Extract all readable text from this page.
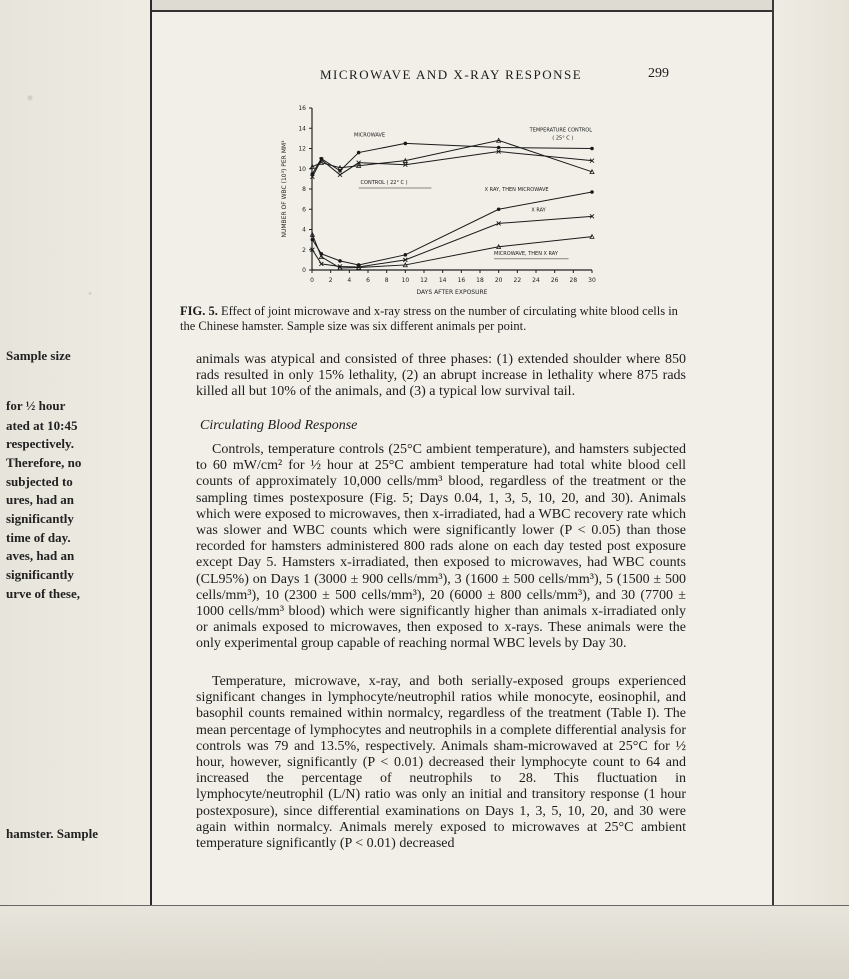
Sample size
for ½ hour
ated at 10:45
respectively.
Therefore, no
subjected to
ures, had an
significantly
time of day.
aves, had an
significantly
urve of these,
hamster. Sample
MICROWAVE AND X-RAY RESPONSE	299
0 2 4 6 8 10 12 14 16 18 20 22 24 26 28 30
0
2
4
6
8
10
12
14
16
DAYS AFTER EXPOSURE
NUMBER OF WBC (10³) PER MM³
MICROWAVE
TEMPERATURE CONTROL
( 25° C )
CONTROL ( 22° C )
X RAY, THEN MICROWAVE
X RAY
MICROWAVE, THEN X RAY
FIG. 5. Effect of joint microwave and x-ray stress on the number of circulating white blood cells in the Chinese hamster. Sample size was six different animals per point.
animals was atypical and consisted of three phases: (1) extended shoulder where 850 rads resulted in only 15% lethality, (2) an abrupt increase in lethality where 875 rads killed all but 10% of the animals, and (3) a typical low survival tail.
Circulating Blood Response
Controls, temperature controls (25°C ambient temperature), and hamsters subjected to 60 mW/cm² for ½ hour at 25°C ambient temperature had total white blood cell counts of approximately 10,000 cells/mm³ blood, regardless of the treatment or the sampling times postexposure (Fig. 5; Days 0.04, 1, 3, 5, 10, 20, and 30). Animals which were exposed to microwaves, then x-irradiated, had a WBC recovery rate which was slower and WBC counts which were significantly lower (P < 0.05) than those recorded for hamsters administered 800 rads alone on each day tested post exposure except Day 5. Hamsters x-irradiated, then exposed to microwaves, had WBC counts (CL95%) on Days 1 (3000 ± 900 cells/mm³), 3 (1600 ± 500 cells/mm³), 5 (1500 ± 500 cells/mm³), 10 (2300 ± 500 cells/mm³), 20 (6000 ± 800 cells/mm³), and 30 (7700 ± 1000 cells/mm³ blood) which were significantly higher than animals x-irradiated only or animals exposed to microwaves, then exposed to x-rays. These animals were the only experimental group capable of reaching normal WBC levels by Day 30.
Temperature, microwave, x-ray, and both serially-exposed groups experienced significant changes in lymphocyte/neutrophil ratios while monocyte, eosinophil, and basophil counts remained within normalcy, regardless of the treatment (Table I). The mean percentage of lymphocytes and neutrophils in a complete differential analysis for controls was 79 and 13.5%, respectively. Animals sham-microwaved at 25°C for ½ hour, however, significantly (P < 0.01) decreased their lymphocyte count to 64 and increased the percentage of neutrophils to 28. This fluctuation in lymphocyte/neutrophil (L/N) ratio was only an initial and transitory response (1 hour postexposure), since differential examinations on Days 1, 3, 5, 10, 20, and 30 were again within normalcy. Animals merely exposed to microwaves at 25°C ambient temperature significantly (P < 0.01) decreased
